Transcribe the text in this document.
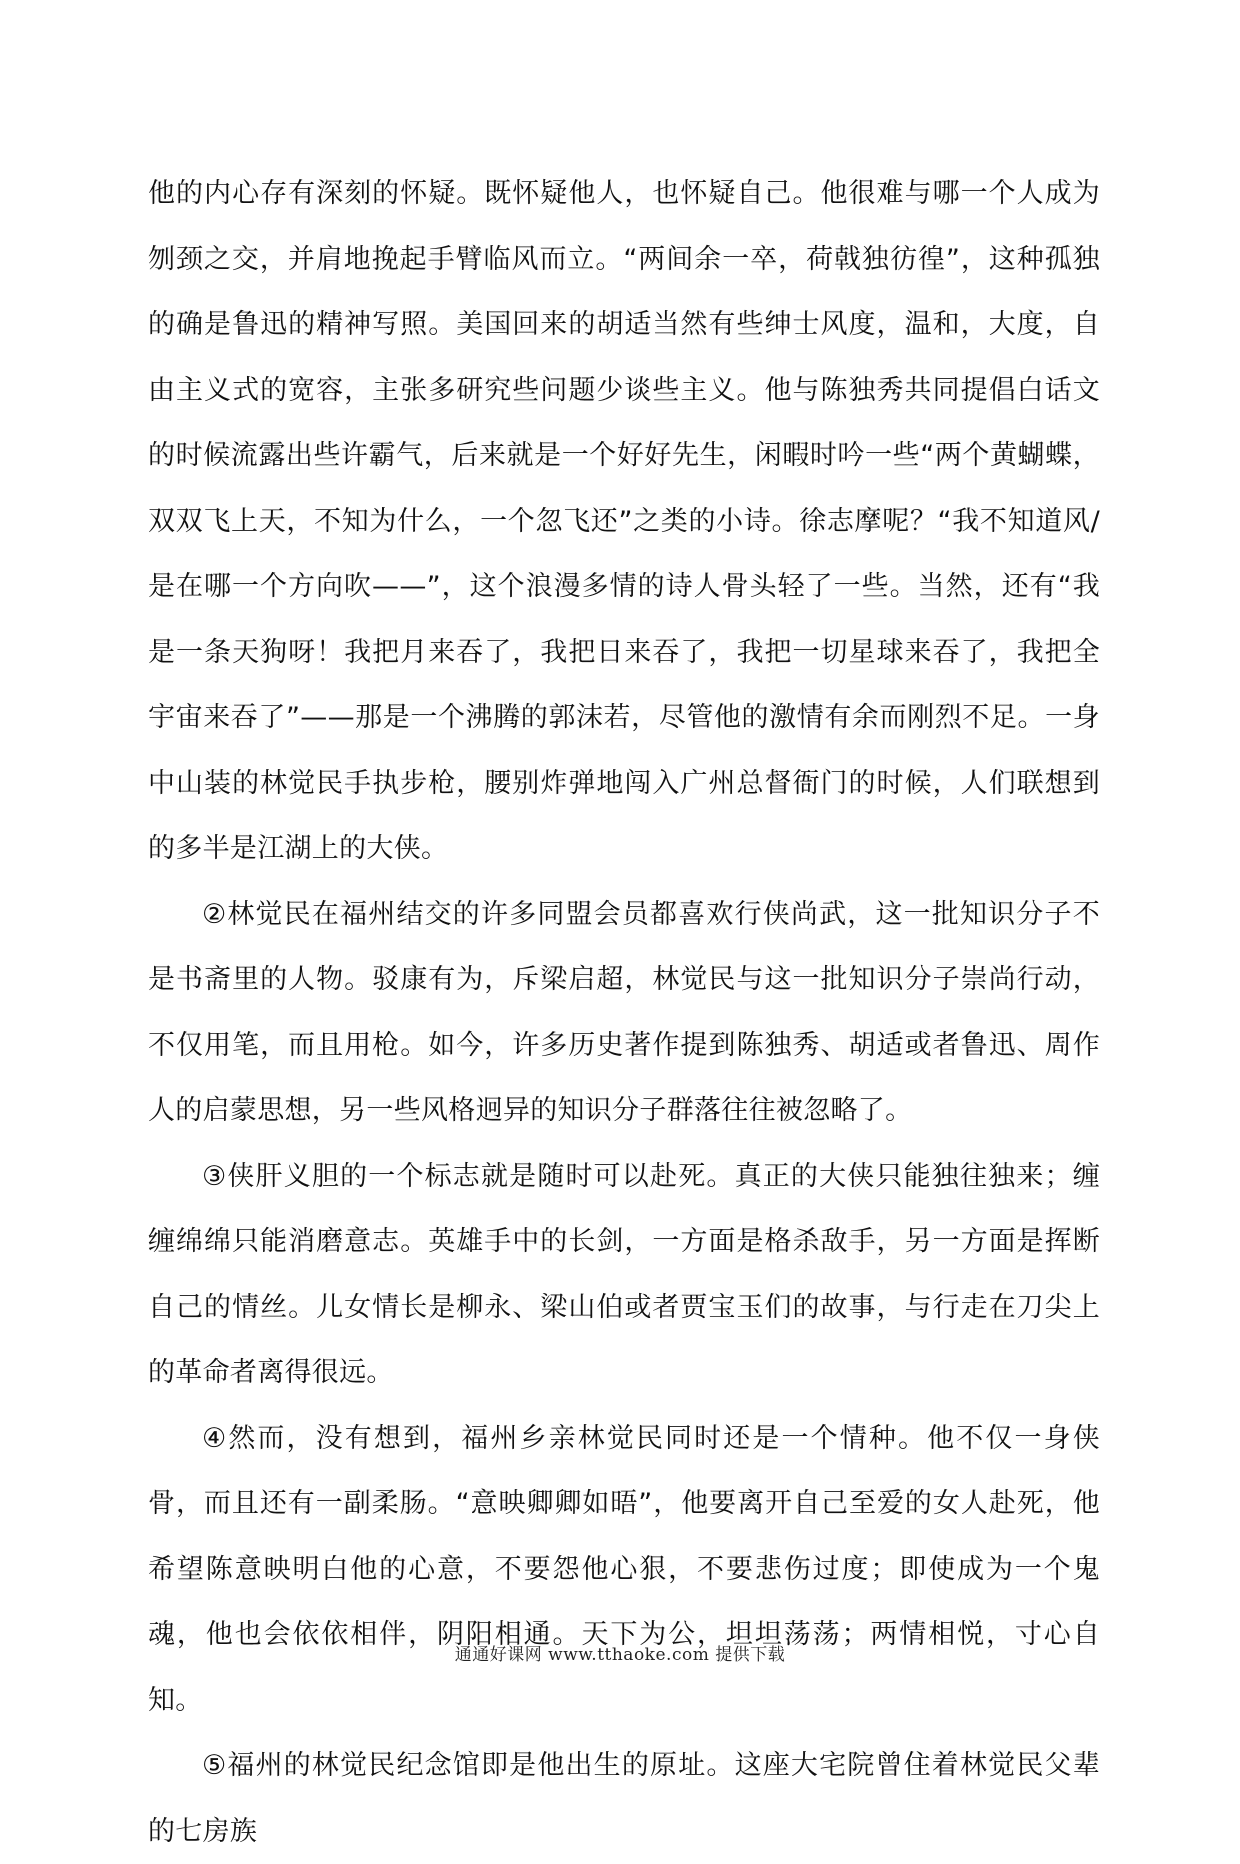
他的内心存有深刻的怀疑。既怀疑他人，也怀疑自己。他很难与哪一个人成为刎颈之交，并肩地挽起手臂临风而立。“两间余一卒，荷戟独彷徨”，这种孤独的确是鲁迅的精神写照。美国回来的胡适当然有些绅士风度，温和，大度，自由主义式的宽容，主张多研究些问题少谈些主义。他与陈独秀共同提倡白话文的时候流露出些许霸气，后来就是一个好好先生，闲暇时吟一些“两个黄蝴蝶，双双飞上天，不知为什么，一个忽飞还”之类的小诗。徐志摩呢？“我不知道风/是在哪一个方向吹——”，这个浪漫多情的诗人骨头轻了一些。当然，还有“我是一条天狗呀！我把月来吞了，我把日来吞了，我把一切星球来吞了，我把全宇宙来吞了”——那是一个沸腾的郭沫若，尽管他的激情有余而刚烈不足。一身中山装的林觉民手执步枪，腰别炸弹地闯入广州总督衙门的时候，人们联想到的多半是江湖上的大侠。

②林觉民在福州结交的许多同盟会员都喜欢行侠尚武，这一批知识分子不是书斋里的人物。驳康有为，斥梁启超，林觉民与这一批知识分子崇尚行动，不仅用笔，而且用枪。如今，许多历史著作提到陈独秀、胡适或者鲁迅、周作人的启蒙思想，另一些风格迥异的知识分子群落往往被忽略了。

③侠肝义胆的一个标志就是随时可以赴死。真正的大侠只能独往独来；缠缠绵绵只能消磨意志。英雄手中的长剑，一方面是格杀敌手，另一方面是挥断自己的情丝。儿女情长是柳永、梁山伯或者贾宝玉们的故事，与行走在刀尖上的革命者离得很远。

④然而，没有想到，福州乡亲林觉民同时还是一个情种。他不仅一身侠骨，而且还有一副柔肠。“意映卿卿如晤”，他要离开自己至爱的女人赴死，他希望陈意映明白他的心意，不要怨他心狠，不要悲伤过度；即使成为一个鬼魂，他也会依依相伴，阴阳相通。天下为公，坦坦荡荡；两情相悦，寸心自知。

⑤福州的林觉民纪念馆即是他出生的原址。这座大宅院曾住着林觉民父辈的七房族

通通好课网 www.tthaoke.com 提供下载
